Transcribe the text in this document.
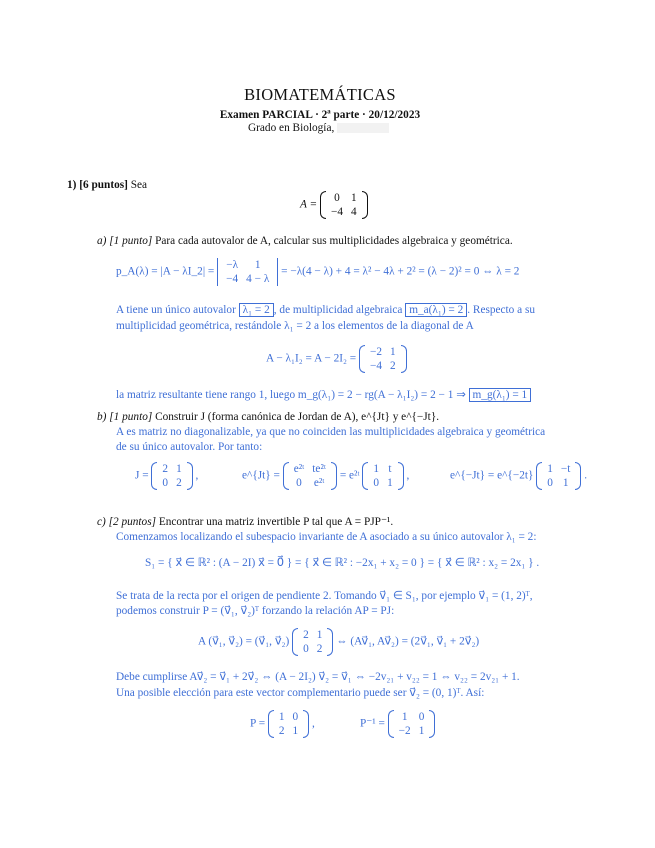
BIOMATEMÁTICAS
Examen PARCIAL · 2ª parte · 20/12/2023
Grado en Biología,
1) [6 puntos] Sea
A =
0	1
−4	4
a) [1 punto] Para cada autovalor de A, calcular sus multiplicidades algebraica y geométrica.
p_A(λ) = |A − λI_2| =
−λ	1
−4	4 − λ
= −λ(4 − λ) + 4 = λ² − 4λ + 2² = (λ − 2)² = 0 ⇔ λ = 2
A tiene un único autovalor λ₁ = 2 , de multiplicidad algebraica m_a(λ₁) = 2 . Respecto a su
multiplicidad geométrica, restándole λ₁ = 2 a los elementos de la diagonal de A
A − λ₁I₂ = A − 2I₂ =
−2	1
−4	2
la matriz resultante tiene rango 1, luego m_g(λ₁) = 2 − rg(A − λ₁I₂) = 2 − 1 ⇒ m_g(λ₁) = 1
b) [1 punto] Construir J (forma canónica de Jordan de A), e^{Jt} y e^{−Jt}.
A es matriz no diagonalizable, ya que no coinciden las multiplicidades algebraica y geométrica
de su único autovalor. Por tanto:
J =
2	1
0	2
,	e^{Jt} =
e²ᵗ	te²ᵗ
0	e²ᵗ
= e²ᵗ
1	t
0	1
,	e^{−Jt} = e^{−2t}
1	−t
0	1
.
c) [2 puntos] Encontrar una matriz invertible P tal que A = PJP⁻¹.
Comenzamos localizando el subespacio invariante de A asociado a su único autovalor λ₁ = 2:
S₁ = { x⃗ ∈ ℝ² : (A − 2I) x⃗ = 0⃗ } = { x⃗ ∈ ℝ² : −2x₁ + x₂ = 0 } = { x⃗ ∈ ℝ² : x₂ = 2x₁ } .
Se trata de la recta por el origen de pendiente 2. Tomando v⃗₁ ∈ S₁, por ejemplo v⃗₁ = (1, 2)ᵀ,
podemos construir P = (v⃗₁, v⃗₂)ᵀ forzando la relación AP = PJ:
A (v⃗₁, v⃗₂) = (v⃗₁, v⃗₂)
2	1
0	2
⇔ (Av⃗₁, Av⃗₂) = (2v⃗₁, v⃗₁ + 2v⃗₂)
Debe cumplirse Av⃗₂ = v⃗₁ + 2v⃗₂ ⇔ (A − 2I₂) v⃗₂ = v⃗₁ ⇔ −2v₂₁ + v₂₂ = 1 ⇔ v₂₂ = 2v₂₁ + 1.
Una posible elección para este vector complementario puede ser v⃗₂ = (0, 1)ᵀ. Así:
P =
1	0
2	1
,	P⁻¹ =
1	0
−2	1
